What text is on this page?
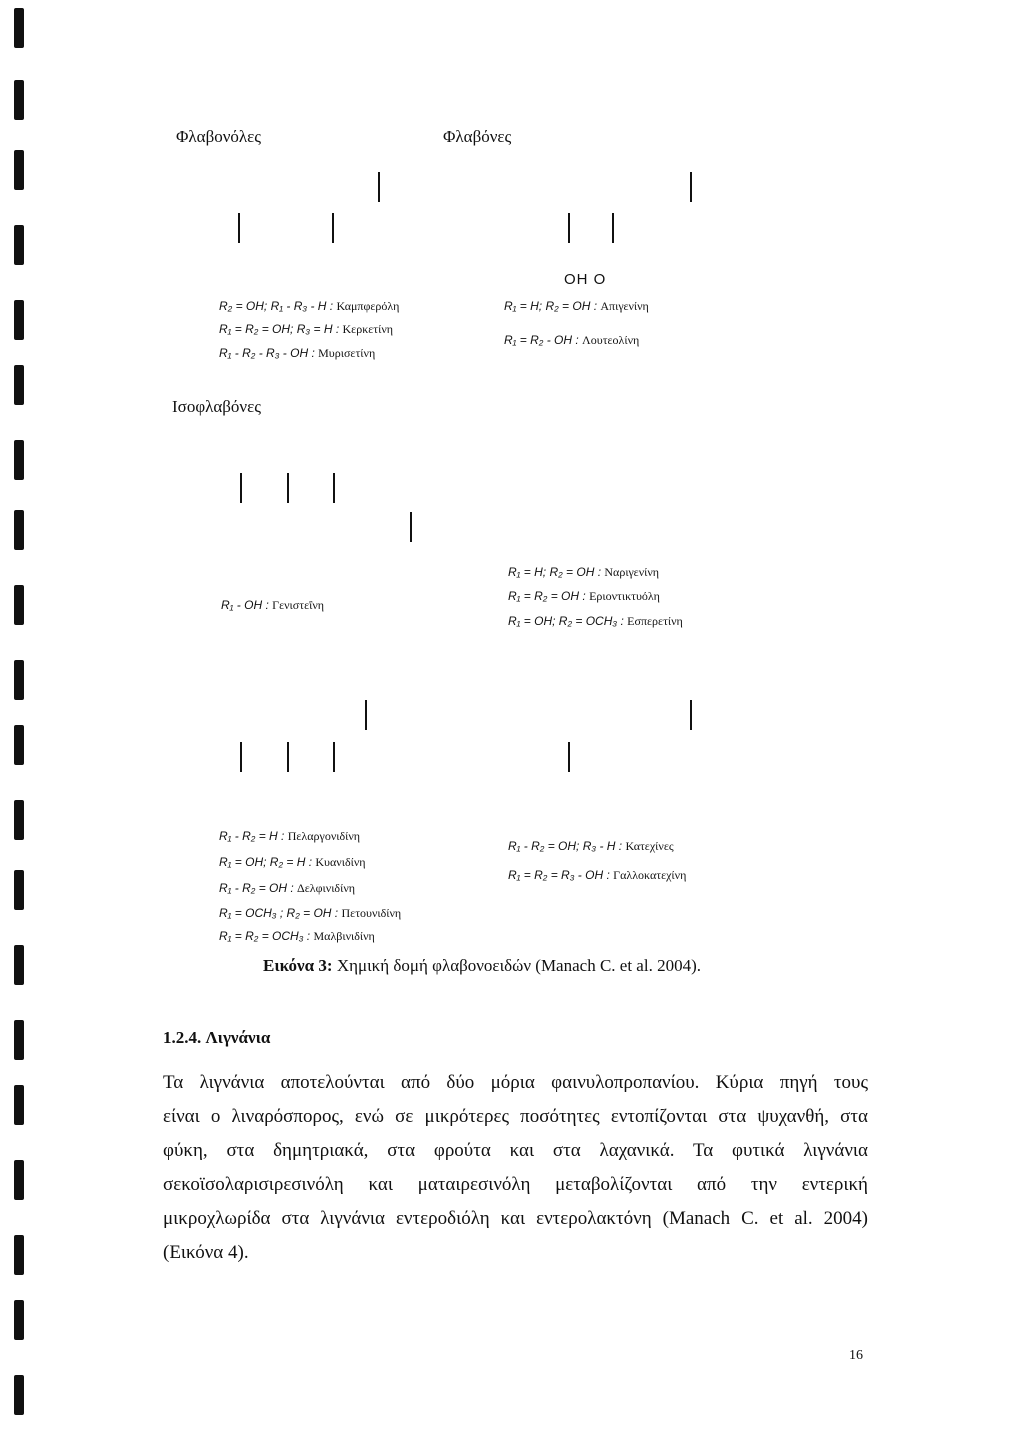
Φλαβονόλες	Φλαβόνες
OH O
R₂ = OH; R₁ - R₃ - H : Καμπφερόλη
R₁ = R₂ = OH; R₃ = H : Κερκετίνη
R₁ - R₂ - R₃ - OH : Μυρισετίνη
R₁ = H; R₂ = OH : Απιγενίνη
R₁ = R₂ - OH : Λουτεολίνη
Ισοφλαβόνες
R₁ - OH : Γενιστεΐνη
R₁ = H; R₂ = OH : Ναριγενίνη
R₁ = R₂ = OH : Εριοντικτυόλη
R₁ = OH; R₂ = OCH₃ : Εσπερετίνη
R₁ - R₂ = H : Πελαργονιδίνη
R₁ = OH; R₂ = H : Κυανιδίνη
R₁ - R₂ = OH : Δελφινιδίνη
R₁ = OCH₃ ; R₂ = OH : Πετουνιδίνη
R₁ = R₂ = OCH₃ : Μαλβινιδίνη
R₁ - R₂ = OH; R₃ - H : Κατεχίνες
R₁ = R₂ = R₃ - OH : Γαλλοκατεχίνη
Εικόνα 3: Χημική δομή φλαβονοειδών (Manach C. et al. 2004).
1.2.4. Λιγνάνια
Τα λιγνάνια αποτελούνται από δύο μόρια φαινυλοπροπανίου. Κύρια πηγή τους
είναι ο λιναρόσπορος, ενώ σε μικρότερες ποσότητες εντοπίζονται στα ψυχανθή, στα
φύκη, στα δημητριακά, στα φρούτα και στα λαχανικά. Τα φυτικά λιγνάνια
σεκοϊσολαρισιρεσινόλη και ματαιρεσινόλη μεταβολίζονται από την εντερική
μικροχλωρίδα στα λιγνάνια εντεροδιόλη και εντερολακτόνη (Manach C. et al. 2004)
(Εικόνα 4).
16
